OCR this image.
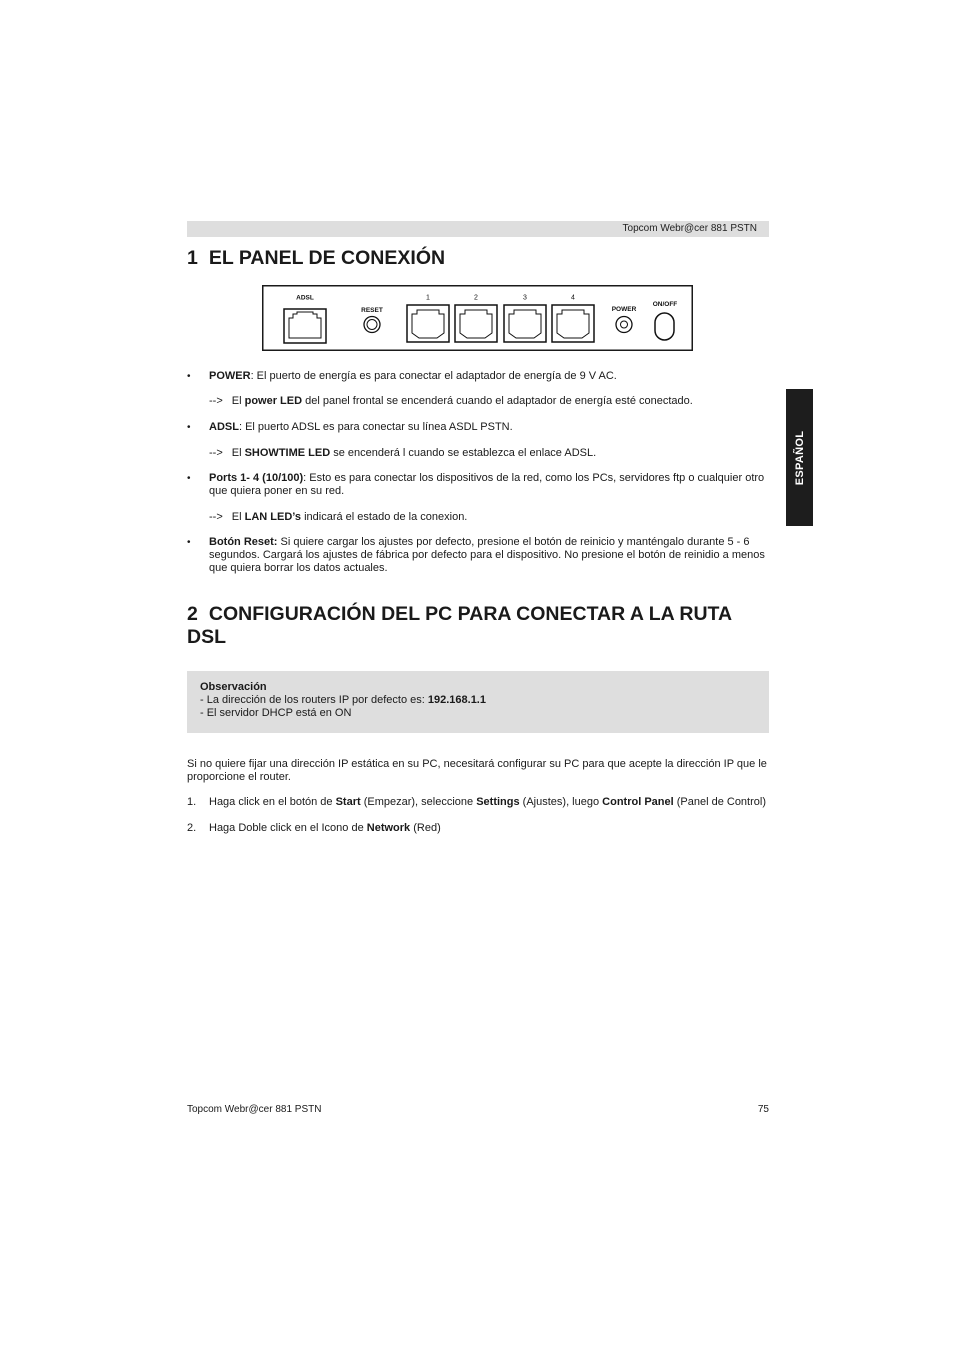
Topcom Webr@cer 881 PSTN
1 EL PANEL DE CONEXIÓN
ADSL
RESET
1	2	3	4
POWER
ON/OFF
• POWER: El puerto de energía es para conectar el adaptador de energía de 9 V AC.
--> El power LED del panel frontal se encenderá cuando el adaptador de energía esté conectado.
• ADSL: El puerto ADSL es para conectar su línea ASDL PSTN.
--> El SHOWTIME LED se encenderá l cuando se establezca el enlace ADSL.
• Ports 1- 4 (10/100): Esto es para conectar los dispositivos de la red, como los PCs, servidores ftp o cualquier otro que quiera poner en su red.
--> El LAN LED’s indicará el estado de la conexion.
• Botón Reset: Si quiere cargar los ajustes por defecto, presione el botón de reinicio y manténgalo durante 5 - 6 segundos. Cargará los ajustes de fábrica por defecto para el dispositivo. No presione el botón de reinidio a menos que quiera borrar los datos actuales.
2 CONFIGURACIÓN DEL PC PARA CONECTAR A LA RUTA DSL
Observación
- La dirección de los routers IP por defecto es: 192.168.1.1
- El servidor DHCP está en ON
Si no quiere fijar una dirección IP estática en su PC, necesitará configurar su PC para que acepte la dirección IP que le proporcione el router.
1. Haga click en el botón de Start (Empezar), seleccione Settings (Ajustes), luego Control Panel (Panel de Control)
2. Haga Doble click en el Icono de Network (Red)
ESPAÑOL
Topcom Webr@cer 881 PSTN	75
